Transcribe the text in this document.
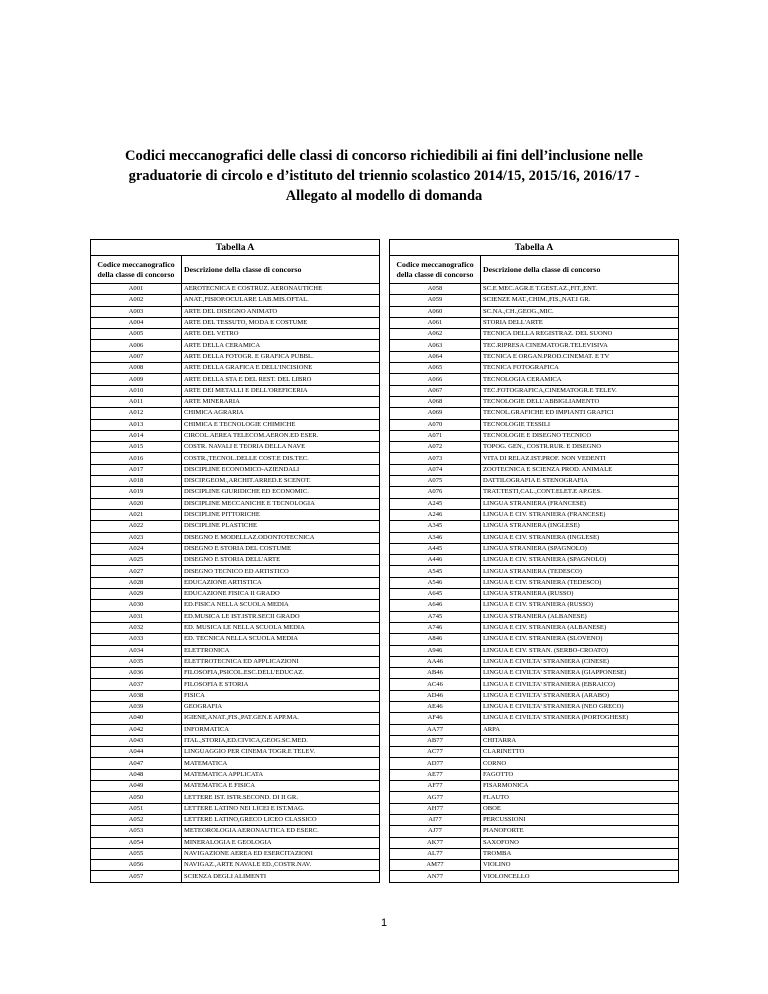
Codici meccanografici delle classi di concorso richiedibili ai fini dell’inclusione nelle
graduatorie di circolo e d’istituto del triennio scolastico 2014/15, 2015/16, 2016/17 -
Allegato al modello di domanda
Tabella A	
Codice meccanografico della classe di concorso	Descrizione della classe di concorso
A001	AEROTECNICA E COSTRUZ. AERONAUTICHE
A002	ANAT.,FISIOP.OCULARE LAB.MIS.OFTAL.
A003	ARTE DEL DISEGNO ANIMATO
A004	ARTE DEL TESSUTO, MODA E COSTUME
A005	ARTE DEL VETRO
A006	ARTE DELLA CERAMICA
A007	ARTE DELLA FOTOGR. E GRAFICA PUBBL.
A008	ARTE DELLA GRAFICA E DELL'INCISIONE
A009	ARTE DELLA STA E DEL REST. DEL LIBRO
A010	ARTE DEI METALLI E DELL'OREFICERIA
A011	ARTE MINERARIA
A012	CHIMICA AGRARIA
A013	CHIMICA E TECNOLOGIE CHIMICHE
A014	CIRCOL.AEREA TELECOM.AERON.ED ESER.
A015	COSTR. NAVALI E TEORIA DELLA NAVE
A016	COSTR.,TECNOL.DELLE COST.E DIS.TEC.
A017	DISCIPLINE ECONOMICO-AZIENDALI
A018	DISCIP.GEOM.,ARCHIT.ARRED.E SCENOT.
A019	DISCIPLINE GIURIDICHE ED ECONOMIC.
A020	DISCIPLINE MECCANICHE E TECNOLOGIA
A021	DISCIPLINE PITTORICHE
A022	DISCIPLINE PLASTICHE
A023	DISEGNO E MODELLAZ.ODONTOTECNICA
A024	DISEGNO E STORIA DEL COSTUME
A025	DISEGNO E STORIA DELL'ARTE
A027	DISEGNO TECNICO ED ARTISTICO
A028	EDUCAZIONE ARTISTICA
A029	EDUCAZIONE FISICA II GRADO
A030	ED.FISICA NELLA SCUOLA MEDIA
A031	ED.MUSICA LE IST.ISTR.SECII GRADO
A032	ED. MUSICA LE NELLA SCUOLA MEDIA
A033	ED. TECNICA NELLA SCUOLA MEDIA
A034	ELETTRONICA
A035	ELETTROTECNICA ED APPLICAZIONI
A036	FILOSOFIA,PSICOL.ESC.DELL'EDUCAZ.
A037	FILOSOFIA E STORIA
A038	FISICA
A039	GEOGRAFIA
A040	IGIENE,ANAT.,FIS.,PAT.GEN.E APP.MA.
A042	INFORMATICA
A043	ITAL.,STORIA,ED.CIVICA,GEOG.SC.MED.
A044	LINGUAGGIO PER CINEMA TOGR.E TELEV.
A047	MATEMATICA
A048	MATEMATICA APPLICATA
A049	MATEMATICA E FISICA
A050	LETTERE IST. ISTR.SECOND. DI II GR.
A051	LETTERE LATINO NEI LICEI E IST.MAG.
A052	LETTERE LATINO,GRECO LICEO CLASSICO
A053	METEOROLOGIA AERONAUTICA ED ESERC.
A054	MINERALOGIA E GEOLOGIA
A055	NAVIGAZIONE AEREA ED ESERCITAZIONI
A056	NAVIGAZ.,ARTE NAVALE ED.,COSTR.NAV.
A057	SCIENZA DEGLI ALIMENTI
Tabella A	
Codice meccanografico della classe di concorso	Descrizione della classe di concorso
A058	SC.E MEC.AGR.E T.GEST.AZ.,FIT.,ENT.
A059	SCIENZE MAT.,CHIM.,FIS.,NAT.I GR.
A060	SC.NA.,CH.,GEOG.,MIC.
A061	STORIA DELL'ARTE
A062	TECNICA DELLA REGISTRAZ. DEL SUONO
A063	TEC.RIPRESA CINEMATOGR.TELEVISIVA
A064	TECNICA E ORGAN.PROD.CINEMAT. E TV
A065	TECNICA FOTOGRAFICA
A066	TECNOLOGIA CERAMICA
A067	TEC.FOTOGRAFICA,CINEMATOGR.E TELEV.
A068	TECNOLOGIE DELL'ABBIGLIAMENTO
A069	TECNOL.GRAFICHE ED IMPIANTI GRAFICI
A070	TECNOLOGIE TESSILI
A071	TECNOLOGIE E DISEGNO TECNICO
A072	TOPOG. GEN., COSTR.RUR. E DISEGNO
A073	VITA DI RELAZ.IST.PROF. NON VEDENTI
A074	ZOOTECNICA E SCIENZA PROD. ANIMALE
A075	DATTILOGRAFIA E STENOGRAFIA
A076	TRAT.TESTI,CAL.,CONT.ELET.E AP.GES.
A245	LINGUA STRANIERA (FRANCESE)
A246	LINGUA E CIV. STRANIERA (FRANCESE)
A345	LINGUA STRANIERA (INGLESE)
A346	LINGUA E CIV. STRANIERA (INGLESE)
A445	LINGUA STRANIERA (SPAGNOLO)
A446	LINGUA E CIV. STRANIERA (SPAGNOLO)
A545	LINGUA STRANIERA (TEDESCO)
A546	LINGUA E CIV. STRANIERA (TEDESCO)
A645	LINGUA STRANIERA (RUSSO)
A646	LINGUA E CIV. STRANIERA (RUSSO)
A745	LINGUA STRANIERA (ALBANESE)
A746	LINGUA E CIV. STRANIERA (ALBANESE)
A846	LINGUA E CIV. STRANIERA (SLOVENO)
A946	LINGUA E CIV. STRAN. (SERBO-CROATO)
AA46	LINGUA E CIVILTA' STRANIERA (CINESE)
AB46	LINGUA E CIVILTA' STRANIERA (GIAPPONESE)
AC46	LINGUA E CIVILTA' STRANIERA (EBRAICO)
AD46	LINGUA E CIVILTA' STRANIERA (ARABO)
AE46	LINGUA E CIVILTA' STRANIERA (NEO GRECO)
AF46	LINGUA E CIVILTA' STRANIERA (PORTOGHESE)
AA77	ARPA
AB77	CHITARRA
AC77	CLARINETTO
AD77	CORNO
AE77	FAGOTTO
AF77	FISARMONICA
AG77	FLAUTO
AH77	OBOE
AI77	PERCUSSIONI
AJ77	PIANOFORTE
AK77	SAXOFONO
AL77	TROMBA
AM77	VIOLINO
AN77	VIOLONCELLO
1
